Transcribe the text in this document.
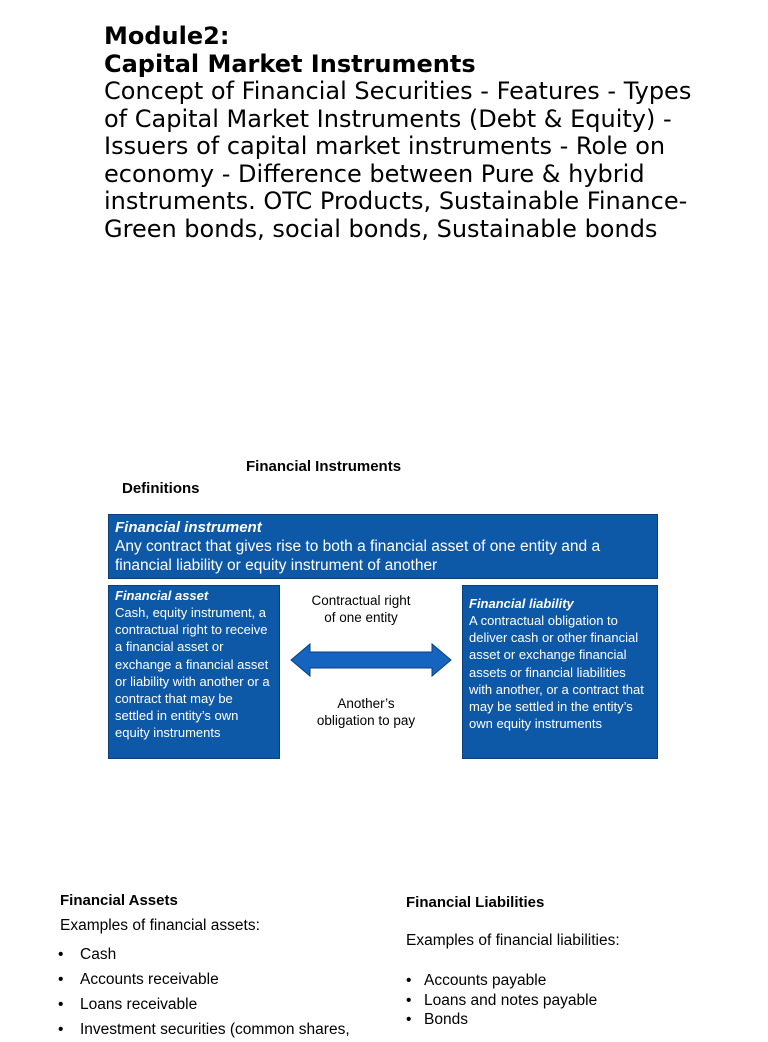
Module2:

Capital Market Instruments

Concept of Financial Securities - Features - Types of Capital Market Instruments (Debt & Equity) - Issuers of capital market instruments - Role on economy - Difference between Pure & hybrid instruments. OTC Products, Sustainable Finance-Green bonds, social bonds, Sustainable bonds

Financial Instruments
Definitions
Financial instrument
Any contract that gives rise to both a financial asset of one entity and a financial liability or equity instrument of another
Financial asset
Cash, equity instrument, a contractual right to receive a financial asset or exchange a financial asset or liability with another or a contract that may be settled in entity’s own equity instruments
Contractual right of one entity
Another’s obligation to pay
Financial liability
A contractual obligation to deliver cash or other financial asset or exchange financial assets or financial liabilities with another, or a contract that may be settled in the entity’s own equity instruments
Financial Assets
Examples of financial assets:
• Cash
• Accounts receivable
• Loans receivable
• Investment securities (common shares,
Financial Liabilities
Examples of financial liabilities:
• Accounts payable
• Loans and notes payable
• Bonds
